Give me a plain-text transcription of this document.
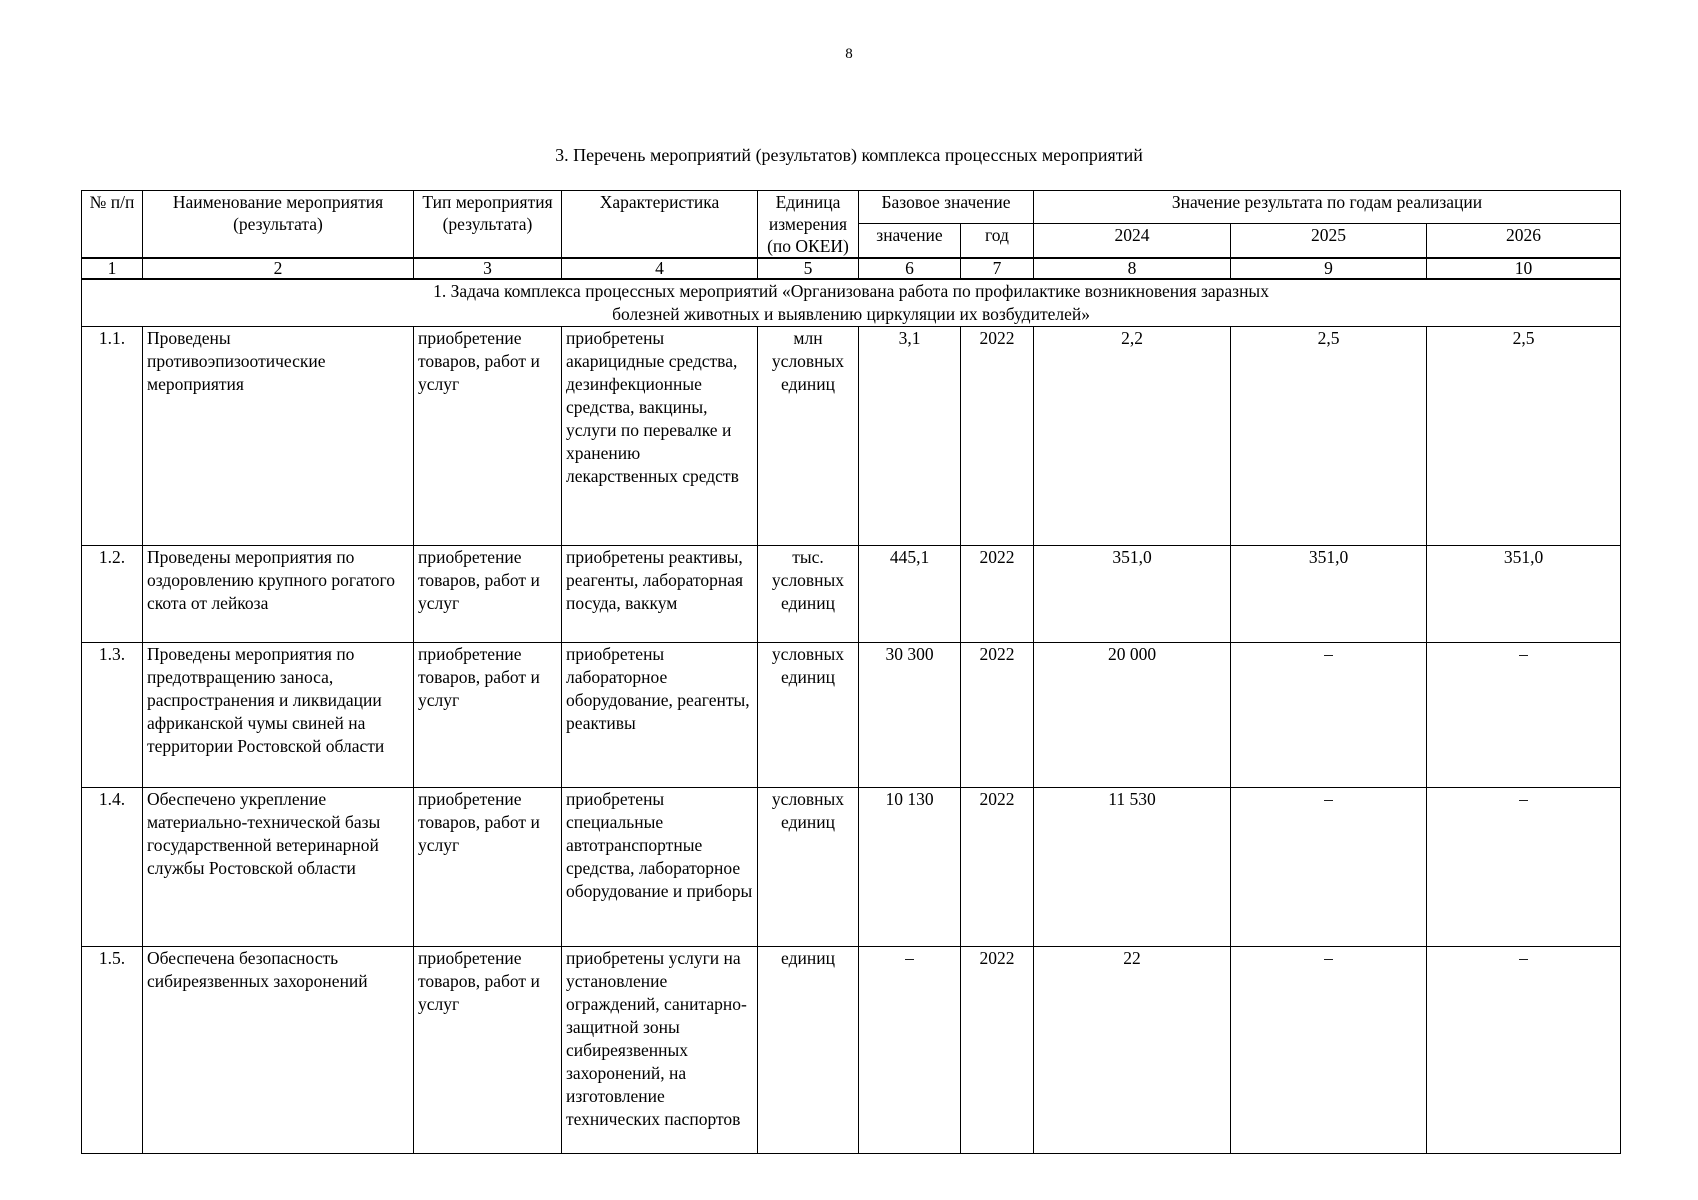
8
3. Перечень мероприятий (результатов) комплекса процессных мероприятий
№ п/п	Наименование мероприятия (результата)	Тип мероприятия (результата)	Характеристика	Единица измерения (по ОКЕИ)	Базовое значение		Значение результата по годам реализации		
					значение	год	2024	2025	2026
1	2	3	4	5	6	7	8	9	10
1. Задача комплекса процессных мероприятий «Организована работа по профилактике возникновения заразных болезней животных и выявлению циркуляции их возбудителей»									
1.1.	Проведены противоэпизоотические мероприятия	приобретение товаров, работ и услуг	приобретены акарицидные средства, дезинфекционные средства, вакцины, услуги по перевалке и хранению лекарственных средств	млн условных единиц	3,1	2022	2,2	2,5	2,5
1.2.	Проведены мероприятия по оздоровлению крупного рогатого скота от лейкоза	приобретение товаров, работ и услуг	приобретены реактивы, реагенты, лабораторная посуда, ваккум	тыс. условных единиц	445,1	2022	351,0	351,0	351,0
1.3.	Проведены мероприятия по предотвращению заноса, распространения и ликвидации африканской чумы свиней на территории Ростовской области	приобретение товаров, работ и услуг	приобретены лабораторное оборудование, реагенты, реактивы	условных единиц	30 300	2022	20 000	–	–
1.4.	Обеспечено укрепление материально-технической базы государственной ветеринарной службы Ростовской области	приобретение товаров, работ и услуг	приобретены специальные автотранспортные средства, лабораторное оборудование и приборы	условных единиц	10 130	2022	11 530	–	–
1.5.	Обеспечена безопасность сибиреязвенных захоронений	приобретение товаров, работ и услуг	приобретены услуги на установление ограждений, санитарно-защитной зоны сибиреязвенных захоронений, на изготовление технических паспортов	единиц	–	2022	22	–	–
